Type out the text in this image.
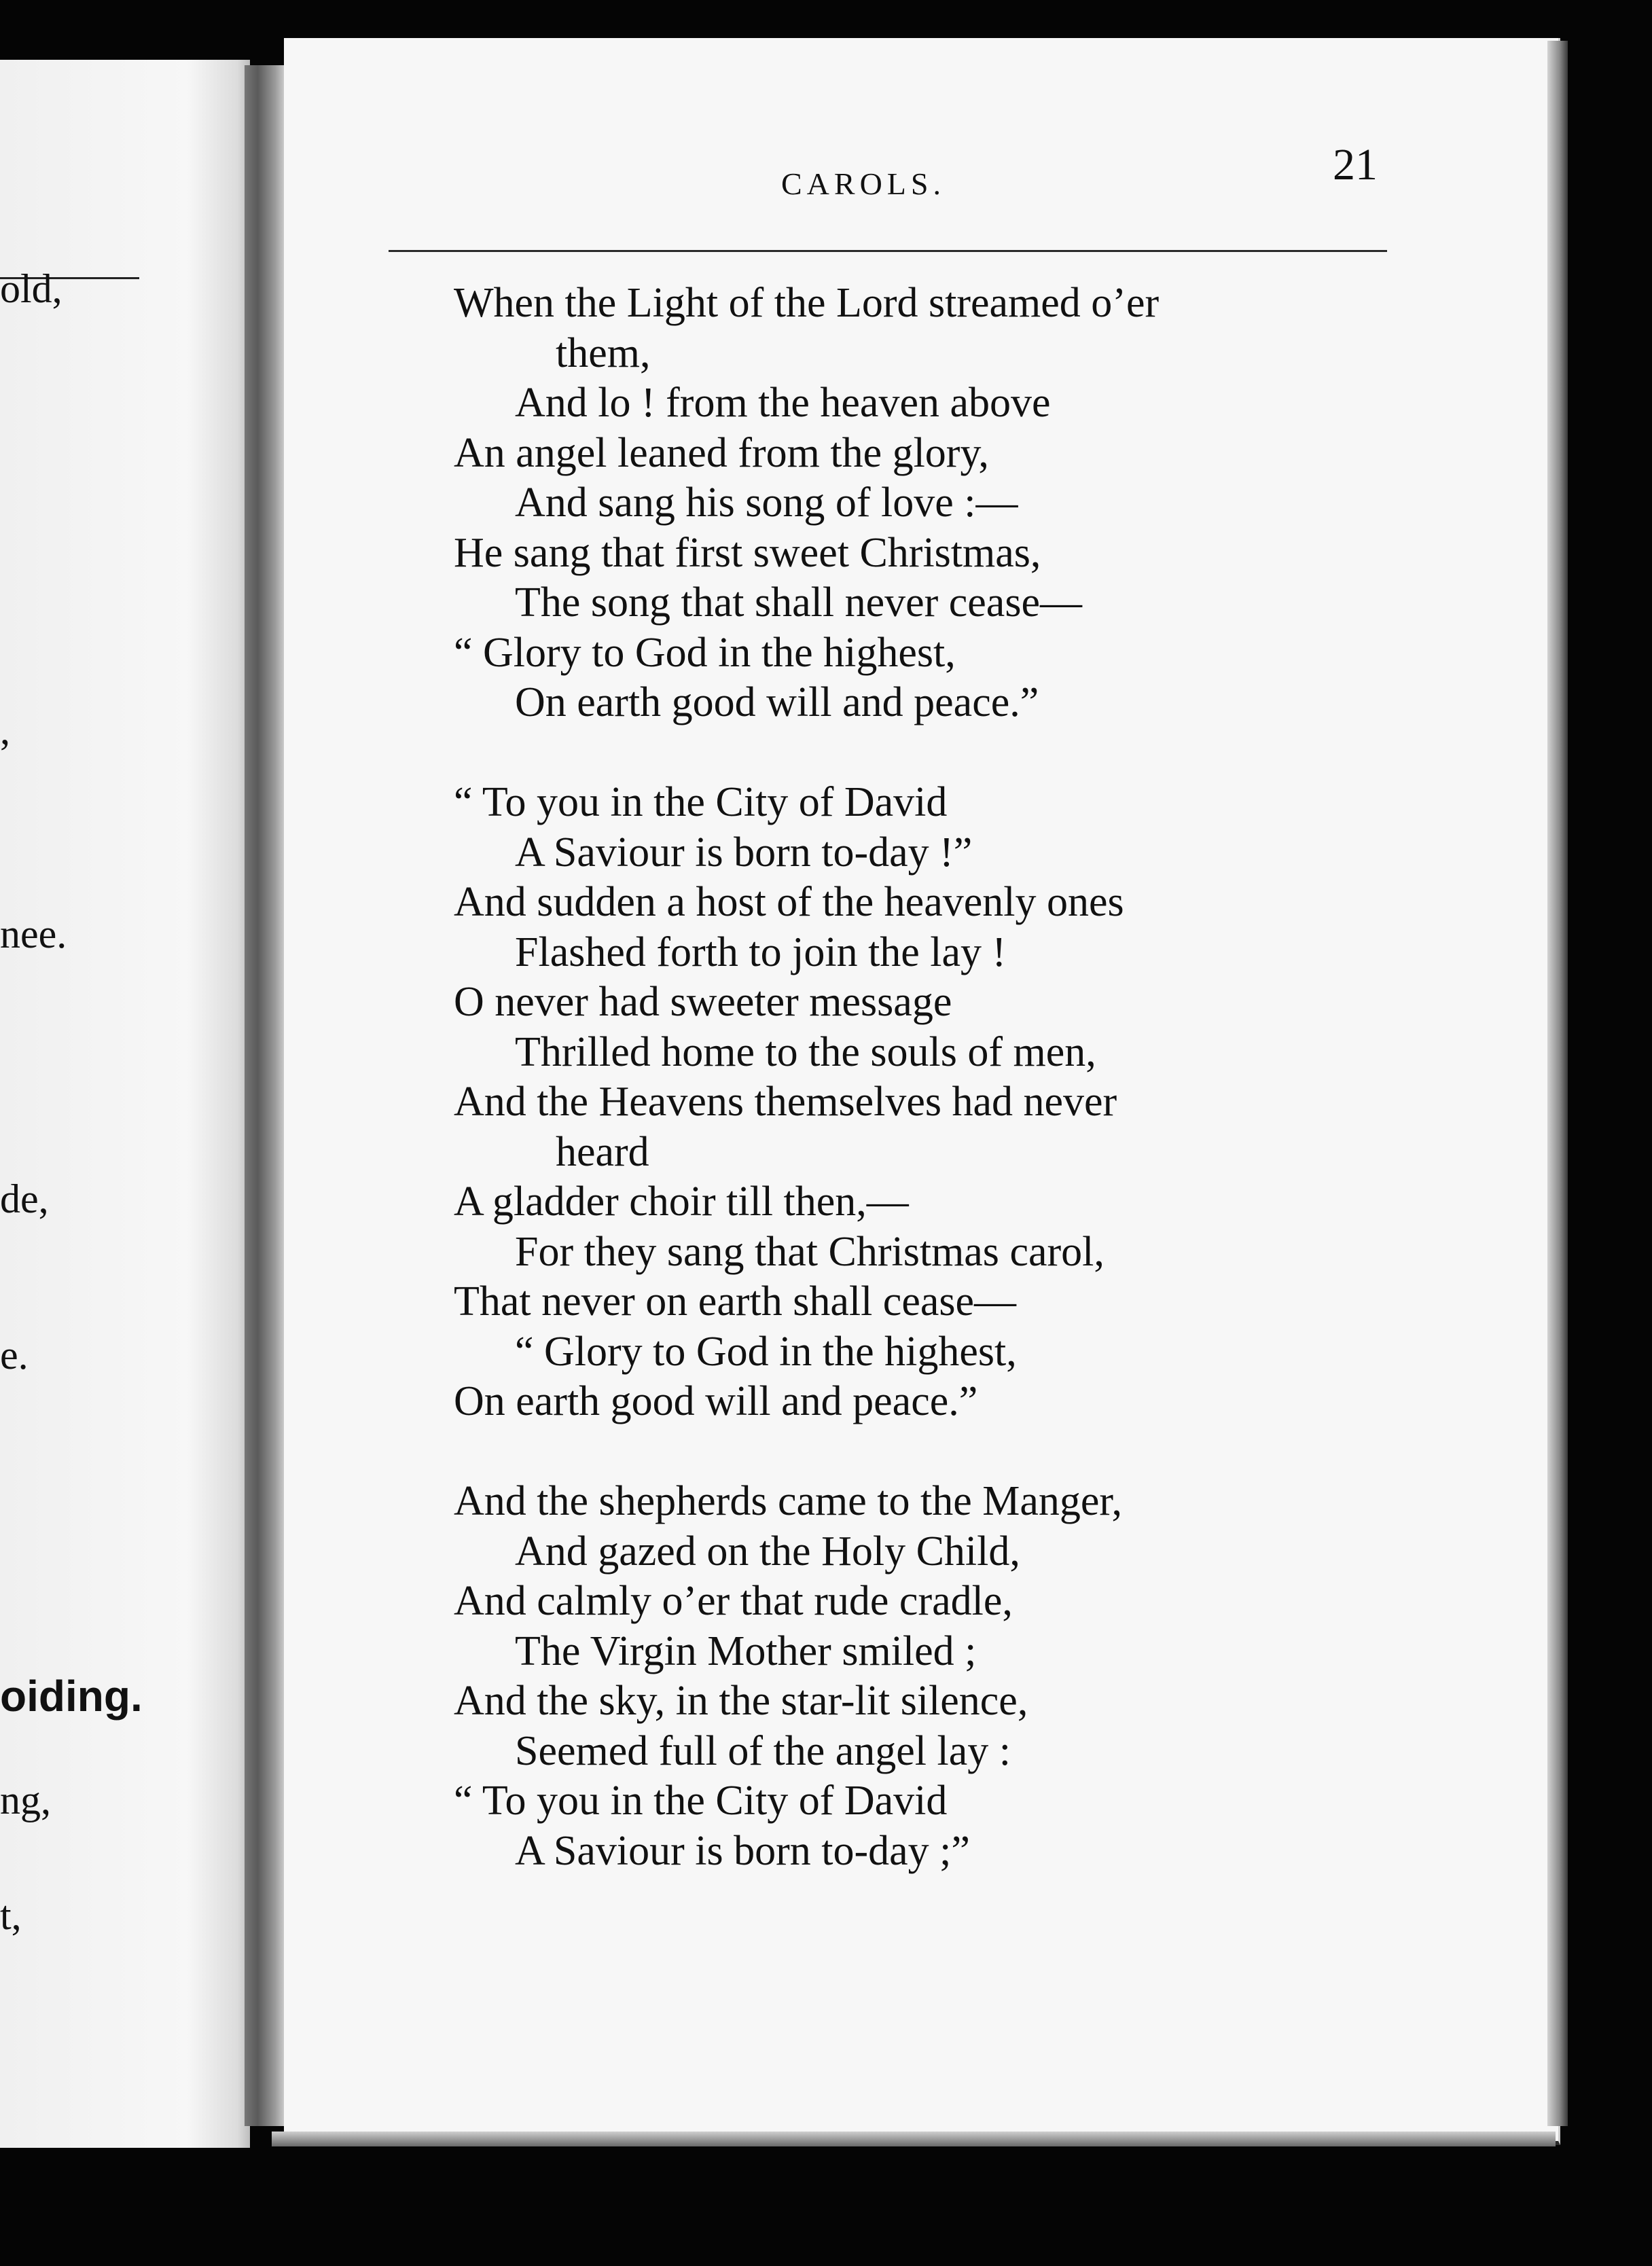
old,
,
nee.
de,
e.
oiding.
ng,
t,
CAROLS.	21
When the Light of the Lord streamed o’er
them,
And lo ! from the heaven above
An angel leaned from the glory,
And sang his song of love :—
He sang that first sweet Christmas,
The song that shall never cease—
“ Glory to God in the highest,
On earth good will and peace.”
“ To you in the City of David
A Saviour is born to-day !”
And sudden a host of the heavenly ones
Flashed forth to join the lay !
O never had sweeter message
Thrilled home to the souls of men,
And the Heavens themselves had never
heard
A gladder choir till then,—
For they sang that Christmas carol,
That never on earth shall cease—
“ Glory to God in the highest,
On earth good will and peace.”
And the shepherds came to the Manger,
And gazed on the Holy Child,
And calmly o’er that rude cradle,
The Virgin Mother smiled ;
And the sky, in the star-lit silence,
Seemed full of the angel lay :
“ To you in the City of David
A Saviour is born to-day ;”
